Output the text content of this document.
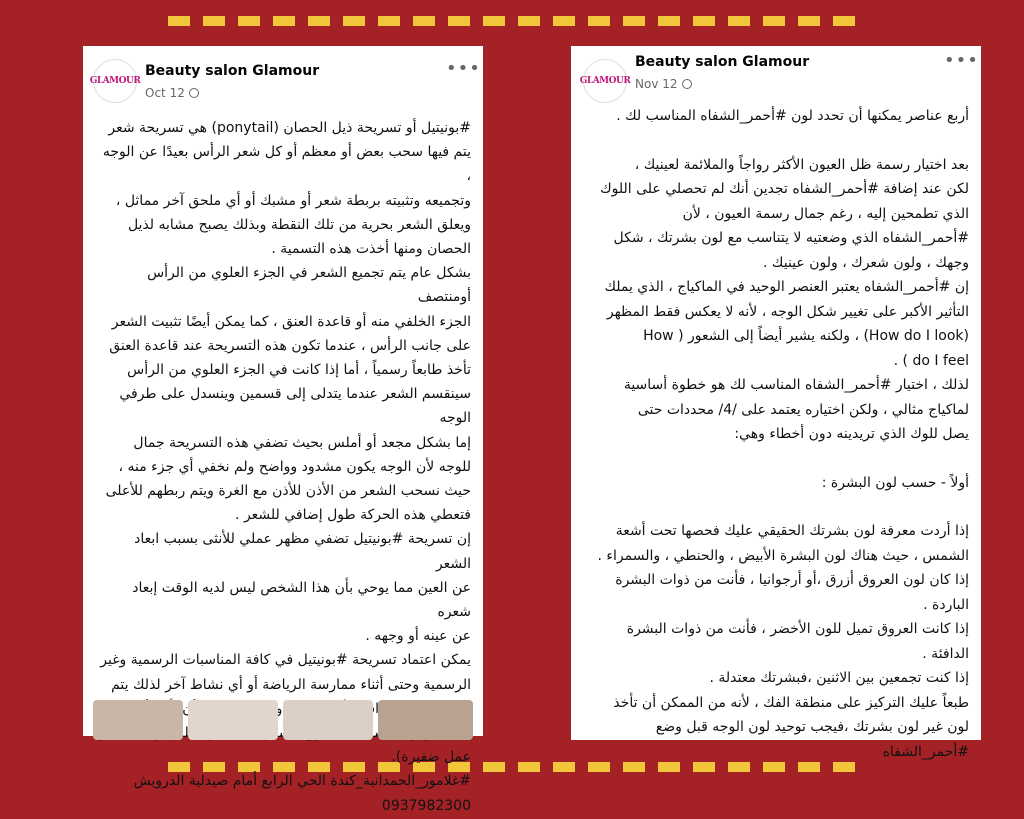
GLAMOUR
Beauty salon Glamour
Oct 12
•••

#بونيتيل أو تسريحة ذيل الحصان (ponytail) هي تسريحة شعر

يتم فيها سحب بعض أو معظم أو كل شعر الرأس بعيدًا عن الوجه ،

وتجميعه وتثبيته بربطة شعر أو مشبك أو أي ملحق آخر مماثل ،

ويعلق الشعر بحرية من تلك النقطة وبذلك يصبح مشابه لذيل

الحصان ومنها أخذت هذه التسمية .

بشكل عام يتم تجميع الشعر في الجزء العلوي من الرأس أومنتصف

الجزء الخلفي منه أو قاعدة العنق ، كما يمكن أيضًا تثبيت الشعر

على جانب الرأس ، عندما تكون هذه التسريحة عند قاعدة العنق

تأخذ طابعاً رسمياً ، أما إذا كانت في الجزء العلوي من الرأس

سينقسم الشعر عندما يتدلى إلى قسمين وينسدل على طرفي الوجه

إما بشكل مجعد أو أملس بحيث تضفي هذه التسريحة جمال

للوجه لأن الوجه يكون مشدود وواضح ولم نخفي أي جزء منه ،

حيث نسحب الشعر من الأذن للأذن مع الغرة ويتم ربطهم للأعلى

فتعطي هذه الحركة طول إضافي للشعر .

إن تسريحة #بونيتيل تضفي مظهر عملي للأنثى بسبب ابعاد الشعر

عن العين مما يوحي بأن هذا الشخص ليس لديه الوقت إبعاد شعره

عن عينه أو وجهه .

يمكن اعتماد تسريحة #بونيتيل في كافة المناسبات الرسمية وغير

الرسمية وحتى أثناء ممارسة الرياضة أو أي نشاط آخر لذلك يتم

الشعر

عمل ضفيرة).

#غلامور_الحمدانية_كندة الحي الرابع أمام صيدلية الدرويش

0937982300

GLAMOUR
Beauty salon Glamour
Nov 12
•••

أربع عناصر يمكنها أن تحدد لون #أحمر_الشفاه المناسب لك .

بعد اختيار رسمة ظل العيون الأكثر رواجاً والملائمة لعينيك ،

لكن عند إضافة #أحمر_الشفاه تجدين أنك لم تحصلي على اللوك

الذي تطمحين إليه ، رغم جمال رسمة العيون ، لأن

#أحمر_الشفاه الذي وضعتيه لا يتناسب مع لون بشرتك ، شكل

وجهك ، ولون شعرك ، ولون عينيك .

إن #أحمر_الشفاه يعتبر العنصر الوحيد في الماكياج ، الذي يملك

التأثير الأكبر على تغيير شكل الوجه ، لأنه لا يعكس فقط المظهر

(How do I look) ، ولكنه يشير أيضاً إلى الشعور ( How

do I feel ) .

لذلك ، اختيار #أحمر_الشفاه المناسب لك هو خطوة أساسية

لماكياج مثالي ، ولكن اختياره يعتمد على /4/ محددات حتى

يصل للوك الذي تريدينه دون أخطاء وهي:

أولاً - حسب لون البشرة :

إذا أردت معرفة لون بشرتك الحقيقي عليك فحصها تحت أشعة

الشمس ، حيث هناك لون البشرة الأبيض ، والحنطي ، والسمراء .

إذا كان لون العروق أزرق ،أو أرجوانيا ، فأنت من ذوات البشرة

الباردة .

إذا كانت العروق تميل للون الأخضر ، فأنت من ذوات البشرة

الدافئة .

إذا كنت تجمعين بين الاثنين ،فبشرتك معتدلة .

طبعاً عليك التركيز على منطقة الفك ، لأنه من الممكن أن تأخذ

لون غير لون بشرتك ،فيجب توحيد لون الوجه قبل وضع

#أحمر_الشفاه
